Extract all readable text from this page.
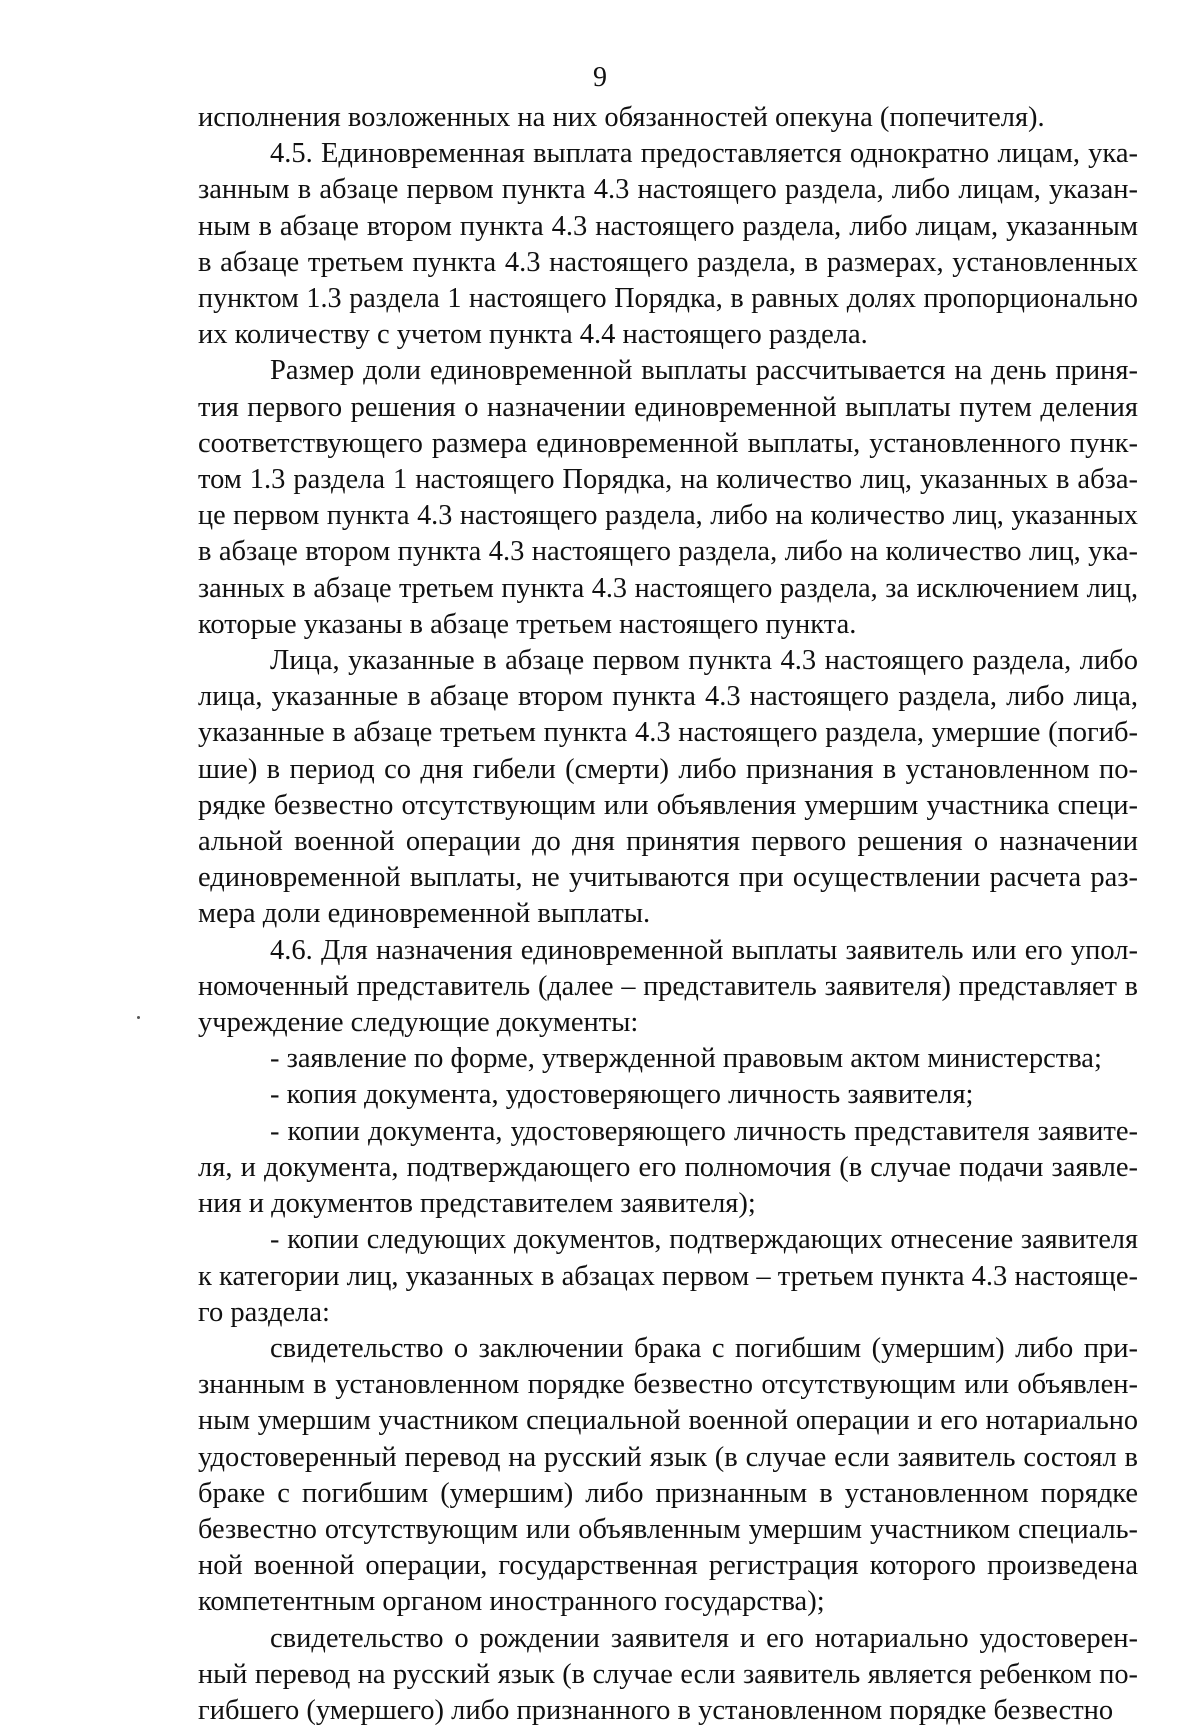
9
исполнения возложенных на них обязанностей опекуна (попечителя).
4.5. Единовременная выплата предоставляется однократно лицам, ука-
занным в абзаце первом пункта 4.3 настоящего раздела, либо лицам, указан-
ным в абзаце втором пункта 4.3 настоящего раздела, либо лицам, указанным
в абзаце третьем пункта 4.3 настоящего раздела, в размерах, установленных
пунктом 1.3 раздела 1 настоящего Порядка, в равных долях пропорционально
их количеству с учетом пункта 4.4 настоящего раздела.
Размер доли единовременной выплаты рассчитывается на день приня-
тия первого решения о назначении единовременной выплаты путем деления
соответствующего размера единовременной выплаты, установленного пунк-
том 1.3 раздела 1 настоящего Порядка, на количество лиц, указанных в абза-
це первом пункта 4.3 настоящего раздела, либо на количество лиц, указанных
в абзаце втором пункта 4.3 настоящего раздела, либо на количество лиц, ука-
занных в абзаце третьем пункта 4.3 настоящего раздела, за исключением лиц,
которые указаны в абзаце третьем настоящего пункта.
Лица, указанные в абзаце первом пункта 4.3 настоящего раздела, либо
лица, указанные в абзаце втором пункта 4.3 настоящего раздела, либо лица,
указанные в абзаце третьем пункта 4.3 настоящего раздела, умершие (погиб-
шие) в период со дня гибели (смерти) либо признания в установленном по-
рядке безвестно отсутствующим или объявления умершим участника специ-
альной военной операции до дня принятия первого решения о назначении
единовременной выплаты, не учитываются при осуществлении расчета раз-
мера доли единовременной выплаты.
4.6. Для назначения единовременной выплаты заявитель или его упол-
номоченный представитель (далее – представитель заявителя) представляет в
учреждение следующие документы:
- заявление по форме, утвержденной правовым актом министерства;
- копия документа, удостоверяющего личность заявителя;
- копии документа, удостоверяющего личность представителя заявите-
ля, и документа, подтверждающего его полномочия (в случае подачи заявле-
ния и документов представителем заявителя);
- копии следующих документов, подтверждающих отнесение заявителя
к категории лиц, указанных в абзацах первом – третьем пункта 4.3 настояще-
го раздела:
свидетельство о заключении брака с погибшим (умершим) либо при-
знанным в установленном порядке безвестно отсутствующим или объявлен-
ным умершим участником специальной военной операции и его нотариально
удостоверенный перевод на русский язык (в случае если заявитель состоял в
браке с погибшим (умершим) либо признанным в установленном порядке
безвестно отсутствующим или объявленным умершим участником специаль-
ной военной операции, государственная регистрация которого произведена
компетентным органом иностранного государства);
свидетельство о рождении заявителя и его нотариально удостоверен-
ный перевод на русский язык (в случае если заявитель является ребенком по-
гибшего (умершего) либо признанного в установленном порядке безвестно
